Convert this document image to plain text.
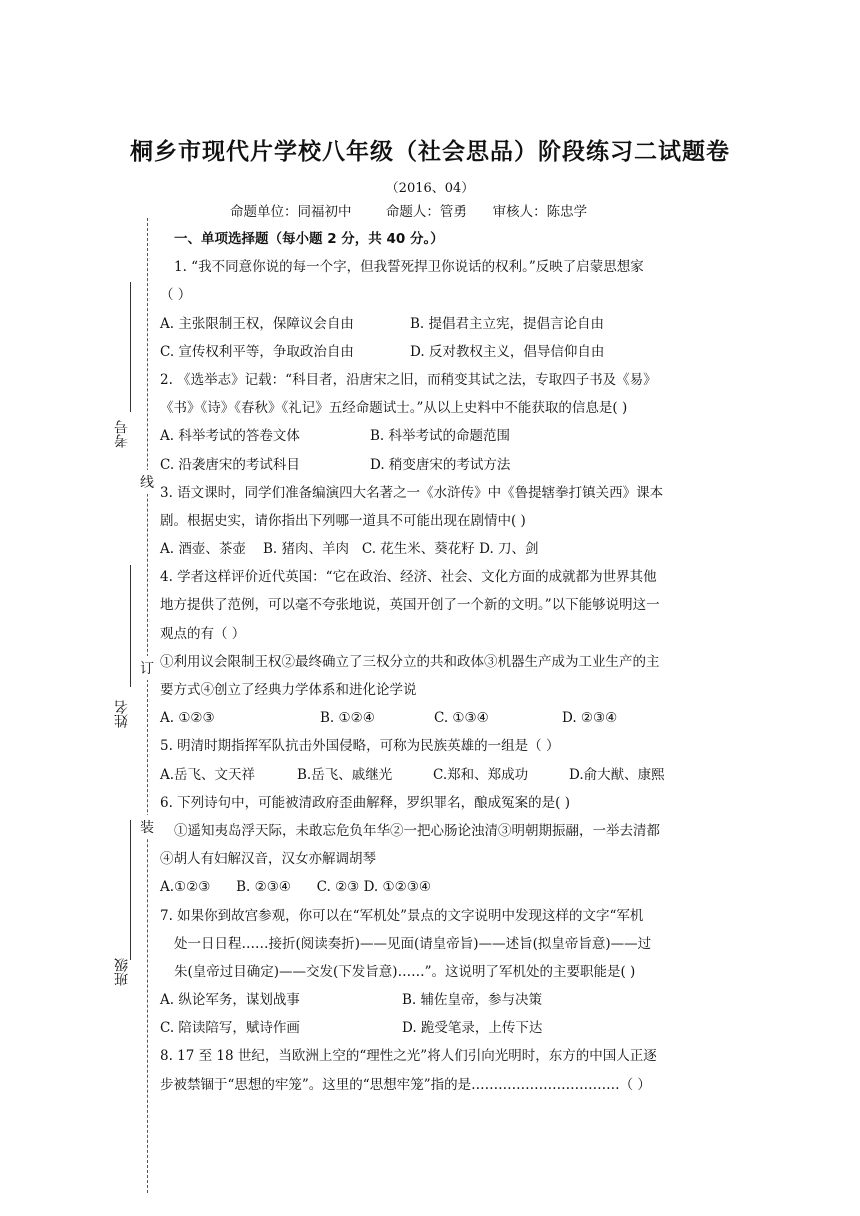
桐乡市现代片学校八年级（社会思品）阶段练习二试题卷
（2016、04）
命题单位：同福初中        命题人：管勇      审核人：陈忠学
线
订
装
考号
姓名
班级
一、单项选择题（每小题 2 分，共 40 分。）
1. “我不同意你说的每一个字，但我誓死捍卫你说话的权利。”反映了启蒙思想家
（ ）
A. 主张限制王权，保障议会自由	B. 提倡君主立宪，提倡言论自由
C. 宣传权利平等，争取政治自由	D. 反对教权主义，倡导信仰自由
2. 《选举志》记载：“科目者，沿唐宋之旧，而稍变其试之法，专取四子书及《易》
《书》《诗》《春秋》《礼记》五经命题试士。”从以上史料中不能获取的信息是( )
A. 科举考试的答卷文体	B. 科举考试的命题范围
C. 沿袭唐宋的考试科目	D. 稍变唐宋的考试方法
3. 语文课时，同学们准备编演四大名著之一《水浒传》中《鲁提辖拳打镇关西》课本
剧。根据史实，请你指出下列哪一道具不可能出现在剧情中( )
A. 酒壶、茶壶    B. 猪肉、羊肉   C. 花生米、葵花籽 D. 刀、剑
4. 学者这样评价近代英国：“它在政治、经济、社会、文化方面的成就都为世界其他
地方提供了范例，可以毫不夸张地说，英国开创了一个新的文明。”以下能够说明这一
观点的有（ ）
①利用议会限制王权②最终确立了三权分立的共和政体③机器生产成为工业生产的主
要方式④创立了经典力学体系和进化论学说
A. ①②③	B. ①②④	C. ①③④	D. ②③④
5. 明清时期指挥军队抗击外国侵略，可称为民族英雄的一组是（ ）
A.岳飞、文天祥	B.岳飞、戚继光	C.郑和、郑成功	D.俞大猷、康熙
6. 下列诗句中，可能被清政府歪曲解释，罗织罪名，酿成冤案的是( )
①遥知夷岛浮天际，未敢忘危负年华②一把心肠论浊清③明朝期振翮，一举去清都
④胡人有妇解汉音，汉女亦解调胡琴
A.①②③      B. ②③④      C. ②③ D. ①②③④
7. 如果你到故宫参观，你可以在“军机处”景点的文字说明中发现这样的文字“军机
处一日日程……接折(阅读奏折)——见面(请皇帝旨)——述旨(拟皇帝旨意)——过
朱(皇帝过目确定)——交发(下发旨意)……”。这说明了军机处的主要职能是( )
A. 纵论军务，谋划战事	B. 辅佐皇帝，参与决策
C. 陪读陪写，赋诗作画	D. 跪受笔录，上传下达
8. 17 至 18 世纪，当欧洲上空的“理性之光”将人们引向光明时，东方的中国人正逐
步被禁锢于“思想的牢笼”。这里的“思想牢笼”指的是……………………………（ ）
